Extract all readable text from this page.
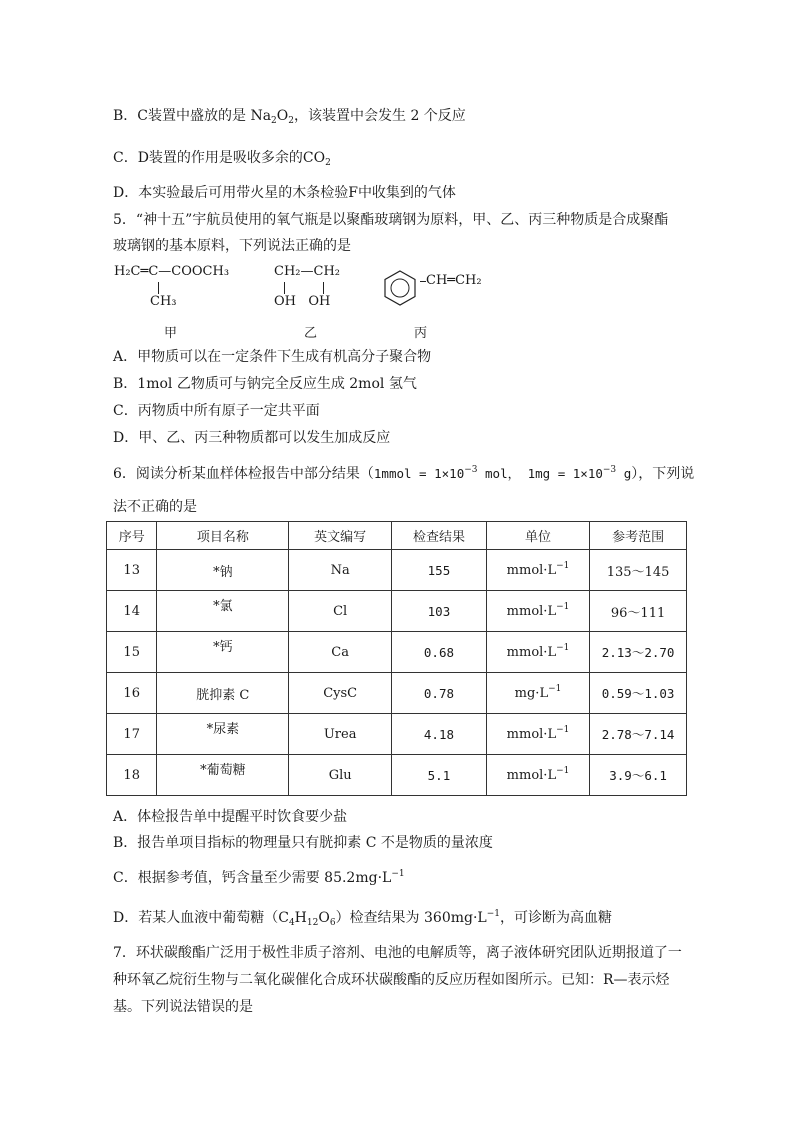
B．C装置中盛放的是 $Na_2O_2$，该装置中会发生 2 个反应
C．D装置的作用是吸收多余的$CO_2$
D．本实验最后可用带火星的木条检验F中收集到的气体
5．“神十五”宇航员使用的氧气瓶是以聚酯玻璃钢为原料，甲、乙、丙三种物质是合成聚酯
玻璃钢的基本原料，下列说法正确的是
H₂C═C—COOCH₃
CH₃
甲
CH₂—CH₂
OH   OH
乙
CH═CH₂
丙
A．甲物质可以在一定条件下生成有机高分子聚合物
B．1mol 乙物质可与钠完全反应生成 2mol 氢气
C．丙物质中所有原子一定共平面
D．甲、乙、丙三种物质都可以发生加成反应
6．阅读分析某血样体检报告中部分结果（1mmol = $1\times 10^{-3}$ mol， $1mg = 1\times 10^{-3}$ g），下列说
法不正确的是
序号	项目名称	英文编写	检查结果	单位	参考范围
13	*钠	Na	155	$mmol\cdot L^{-1}$	135～145
14	*氯	Cl	103	$mmol\cdot L^{-1}$	96～111
15	*钙	Ca	0.68	$mmol\cdot L^{-1}$	2.13～2.70
16	胱抑素 C	CysC	0.78	$mg\cdot L^{-1}$	0.59～1.03
17	*尿素	Urea	4.18	$mmol\cdot L^{-1}$	2.78～7.14
18	*葡萄糖	Glu	5.1	$mmol\cdot L^{-1}$	3.9～6.1
A．体检报告单中提醒平时饮食要少盐
B．报告单项目指标的物理量只有胱抑素 C 不是物质的量浓度
C．根据参考值，钙含量至少需要 $85.2mg\cdot L^{-1}$
D．若某人血液中葡萄糖$(C_4H_{12}O_6)$检查结果为 $360mg\cdot L^{-1}$，可诊断为高血糖
7．环状碳酸酯广泛用于极性非质子溶剂、电池的电解质等，离子液体研究团队近期报道了一
种环氧乙烷衍生物与二氧化碳催化合成环状碳酸酯的反应历程如图所示。已知：R—表示烃
基。下列说法错误的是
